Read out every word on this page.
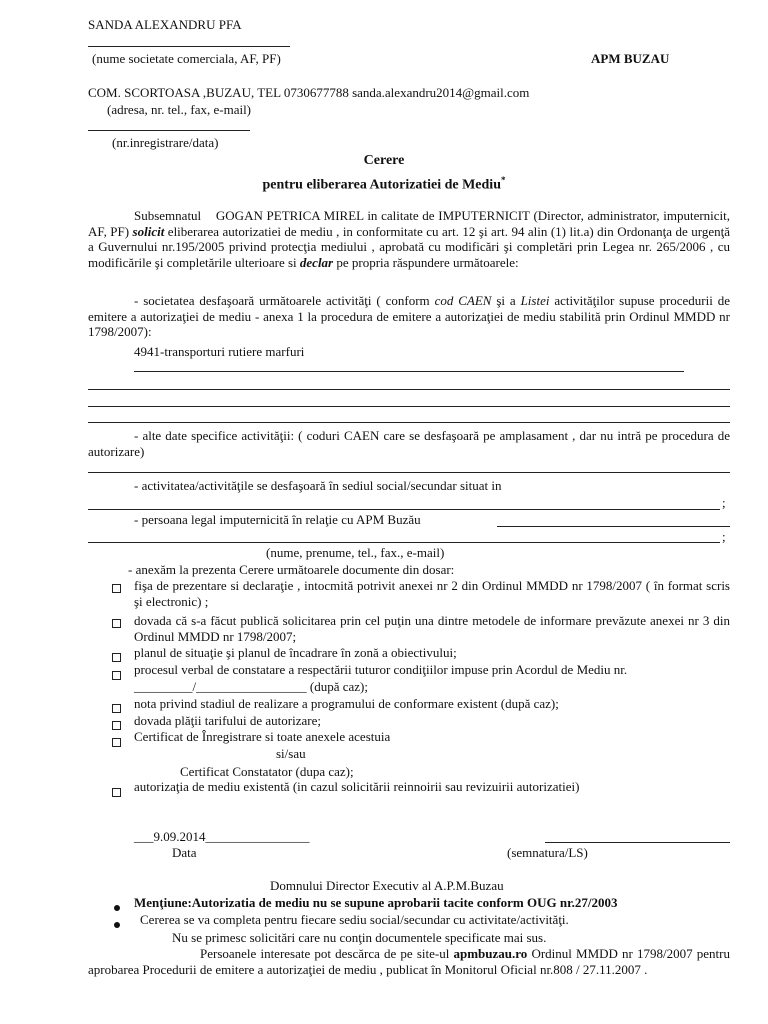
SANDA ALEXANDRU PFA
(nume societate comerciala, AF, PF)	APM BUZAU
COM. SCORTOASA ,BUZAU, TEL 0730677788 sanda.alexandru2014@gmail.com
(adresa, nr. tel., fax, e-mail)
(nr.inregistrare/data)
Cerere
pentru eliberarea Autorizatiei de Mediu*
Subsemnatul GOGAN PETRICA MIREL in calitate de IMPUTERNICIT (Director, administrator, imputernicit, AF, PF) solicit eliberarea autorizatiei de mediu , in conformitate cu art. 12 şi art. 94 alin (1) lit.a) din Ordonanţa de urgenţă a Guvernului nr.195/2005 privind protecţia mediului , aprobată cu modificări şi completări prin Legea nr. 265/2006 , cu modificările şi completările ulterioare si declar pe propria răspundere următoarele:
- societatea desfaşoară următoarele activităţi ( conform cod CAEN şi a Listei activităţilor supuse procedurii de emitere a autorizaţiei de mediu - anexa 1 la procedura de emitere a autorizaţiei de mediu stabilită prin Ordinul MMDD nr 1798/2007):
4941-transporturi rutiere marfuri
- alte date specifice activităţii: ( coduri CAEN care se desfaşoară pe amplasament , dar nu intră pe procedura de autorizare)
- activitatea/activităţile se desfaşoară în sediul social/secundar situat in
;
- persoana legal imputernicită în relaţie cu APM Buzău
;
(nume, prenume, tel., fax., e-mail)
- anexăm la prezenta Cerere următoarele documente din dosar:
fişa de prezentare si declaraţie , intocmită potrivit anexei nr 2 din Ordinul MMDD nr 1798/2007 ( în format scris şi electronic) ;
dovada că s-a făcut publică solicitarea prin cel puţin una dintre metodele de informare prevăzute anexei nr 3 din Ordinul MMDD nr 1798/2007;
planul de situaţie şi planul de încadrare în zonă a obiectivului;
procesul verbal de constatare a respectării tuturor condiţiilor impuse prin Acordul de Mediu nr.
_________/_________________ (după caz);
nota privind stadiul de realizare a programului de conformare existent (după caz);
dovada plăţii tarifului de autorizare;
Certificat de Înregistrare si toate anexele acestuia
si/sau
Certificat Constatator (dupa caz);
autorizaţia de mediu existentă (in cazul solicitării reinnoirii sau revizuirii autorizatiei)
___9.09.2014________________
Data	(semnatura/LS)
Domnului Director Executiv al A.P.M.Buzau
Menţiune:Autorizatia de mediu nu se supune aprobarii tacite conform OUG nr.27/2003
Cererea se va completa pentru fiecare sediu social/secundar cu activitate/activităţi.
Nu se primesc solicitări care nu conţin documentele specificate mai sus.
Persoanele interesate pot descărca de pe site-ul apmbuzau.ro Ordinul MMDD nr 1798/2007 pentru aprobarea Procedurii de emitere a autorizaţiei de mediu , publicat în Monitorul Oficial nr.808 / 27.11.2007 .
